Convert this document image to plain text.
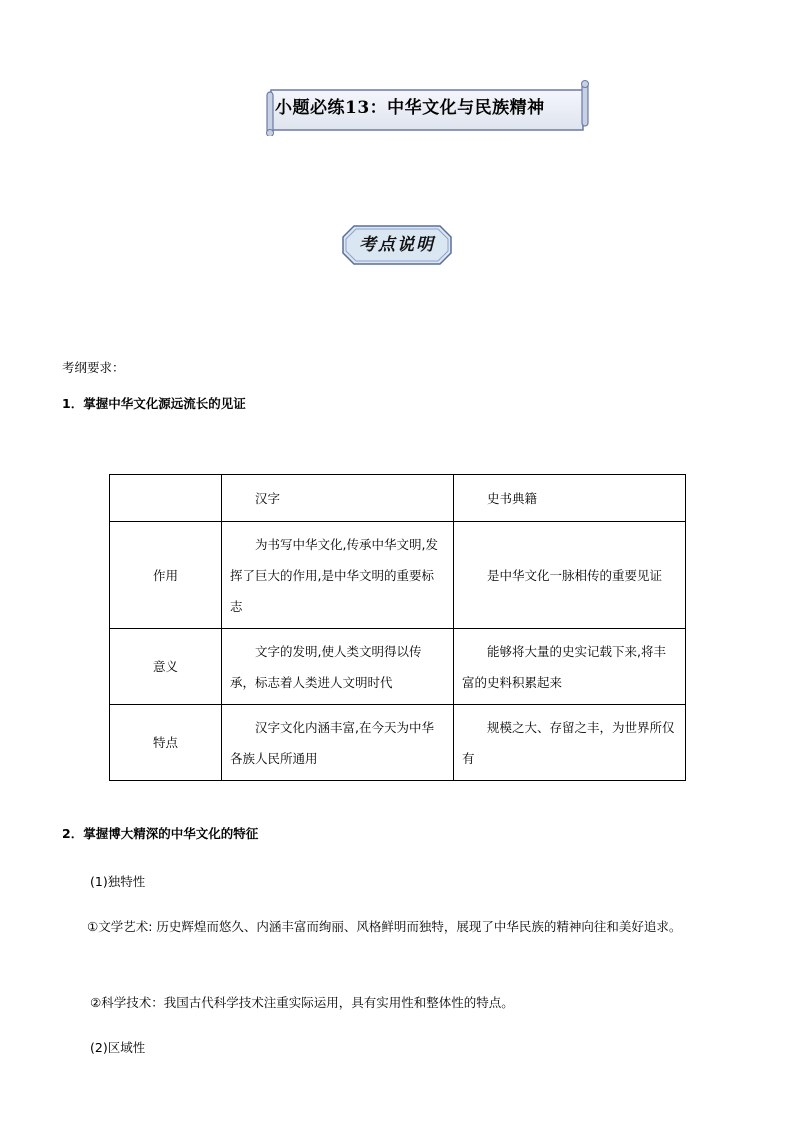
小题必练13：中华文化与民族精神
考点说明
考纲要求：
1．掌握中华文化源远流长的见证

	汉字	史书典籍

作用	为书写中华文化,传承中华文明,发挥了巨大的作用,是中华文明的重要标志	是中华文化一脉相传的重要见证

意义	文字的发明,使人类文明得以传承，标志着人类进人文明时代	能够将大量的史实记载下来,将丰富的史料积累起来

特点	汉字文化内涵丰富,在今天为中华各族人民所通用	规模之大、存留之丰，为世界所仅有
2．掌握博大精深的中华文化的特征
(1)独特性
①文学艺术: 历史辉煌而悠久、内涵丰富而绚丽、风格鲜明而独特，展现了中华民族的精神向往和美好追求。
②科学技术：我国古代科学技术注重实际运用，具有实用性和整体性的特点。
(2)区域性
